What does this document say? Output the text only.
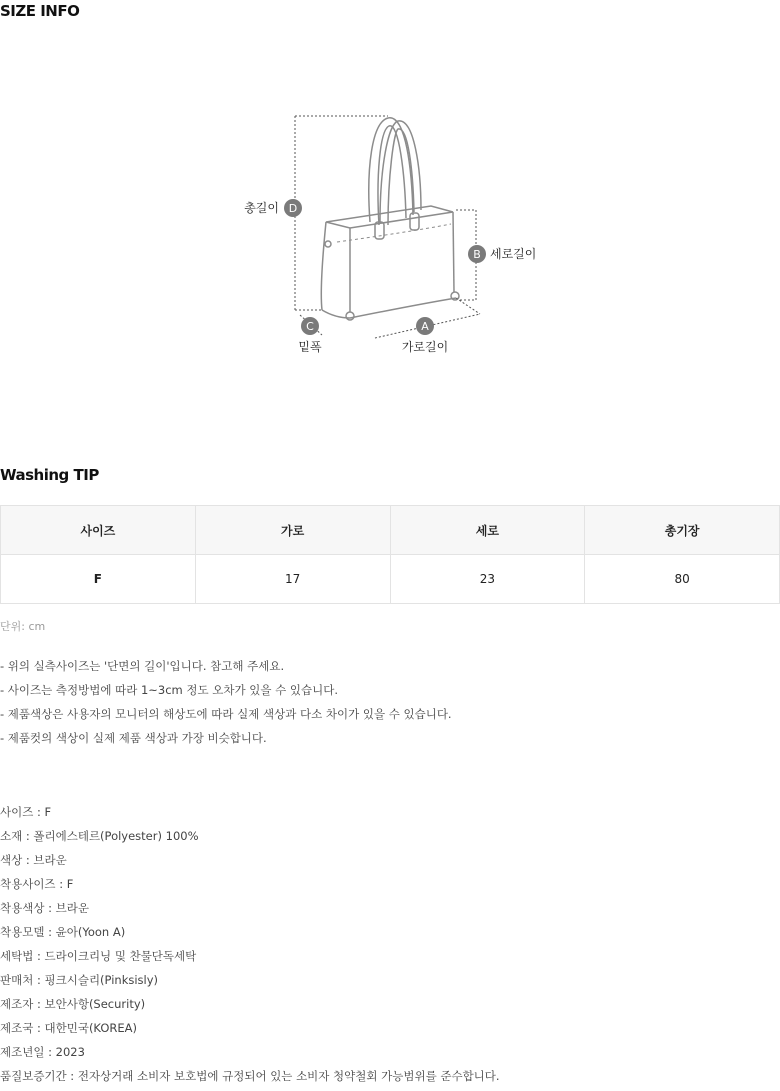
SIZE INFO
D
B
C	A
총길이
세로길이
밑폭	가로길이
Washing TIP
사이즈	가로	세로	총기장
F	17	23	80
단위: cm
- 위의 실측사이즈는 '단면의 길이'입니다. 참고해 주세요.
- 사이즈는 측정방법에 따라 1~3cm 정도 오차가 있을 수 있습니다.
- 제품색상은 사용자의 모니터의 해상도에 따라 실제 색상과 다소 차이가 있을 수 있습니다.
- 제품컷의 색상이 실제 제품 색상과 가장 비슷합니다.
사이즈 : F
소재 : 폴리에스테르(Polyester) 100%
색상 : 브라운
착용사이즈 : F
착용색상 : 브라운
착용모델 : 윤아(Yoon A)
세탁법 : 드라이크리닝 및 찬물단독세탁
판매처 : 핑크시슬리(Pinksisly)
제조자 : 보안사항(Security)
제조국 : 대한민국(KOREA)
제조년일 : 2023
품질보증기간 : 전자상거래 소비자 보호법에 규정되어 있는 소비자 청약철회 가능범위를 준수합니다.
